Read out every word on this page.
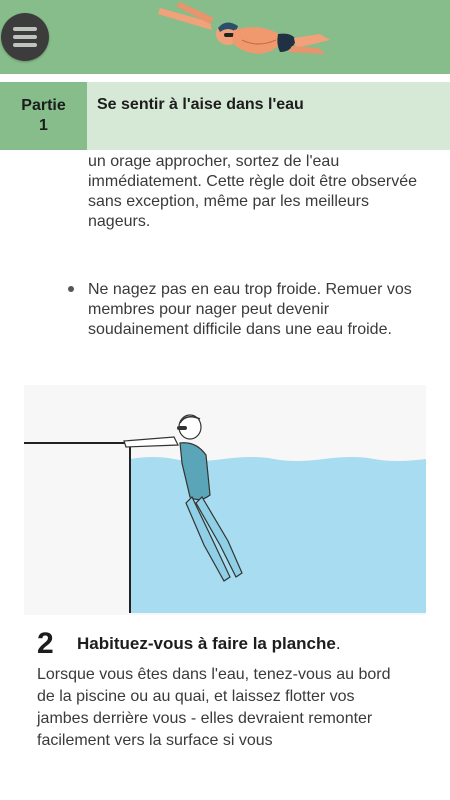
Partie
1
Se sentir à l'aise dans l'eau
un orage approcher, sortez de l'eau immédiatement. Cette règle doit être observée sans exception, même par les meilleurs nageurs.
Ne nagez pas en eau trop froide. Remuer vos membres pour nager peut devenir soudainement difficile dans une eau froide.
2 Habituez-vous à faire la planche.
Lorsque vous êtes dans l'eau, tenez-vous au bord de la piscine ou au quai, et laissez flotter vos jambes derrière vous - elles devraient remonter facilement vers la surface si vous
